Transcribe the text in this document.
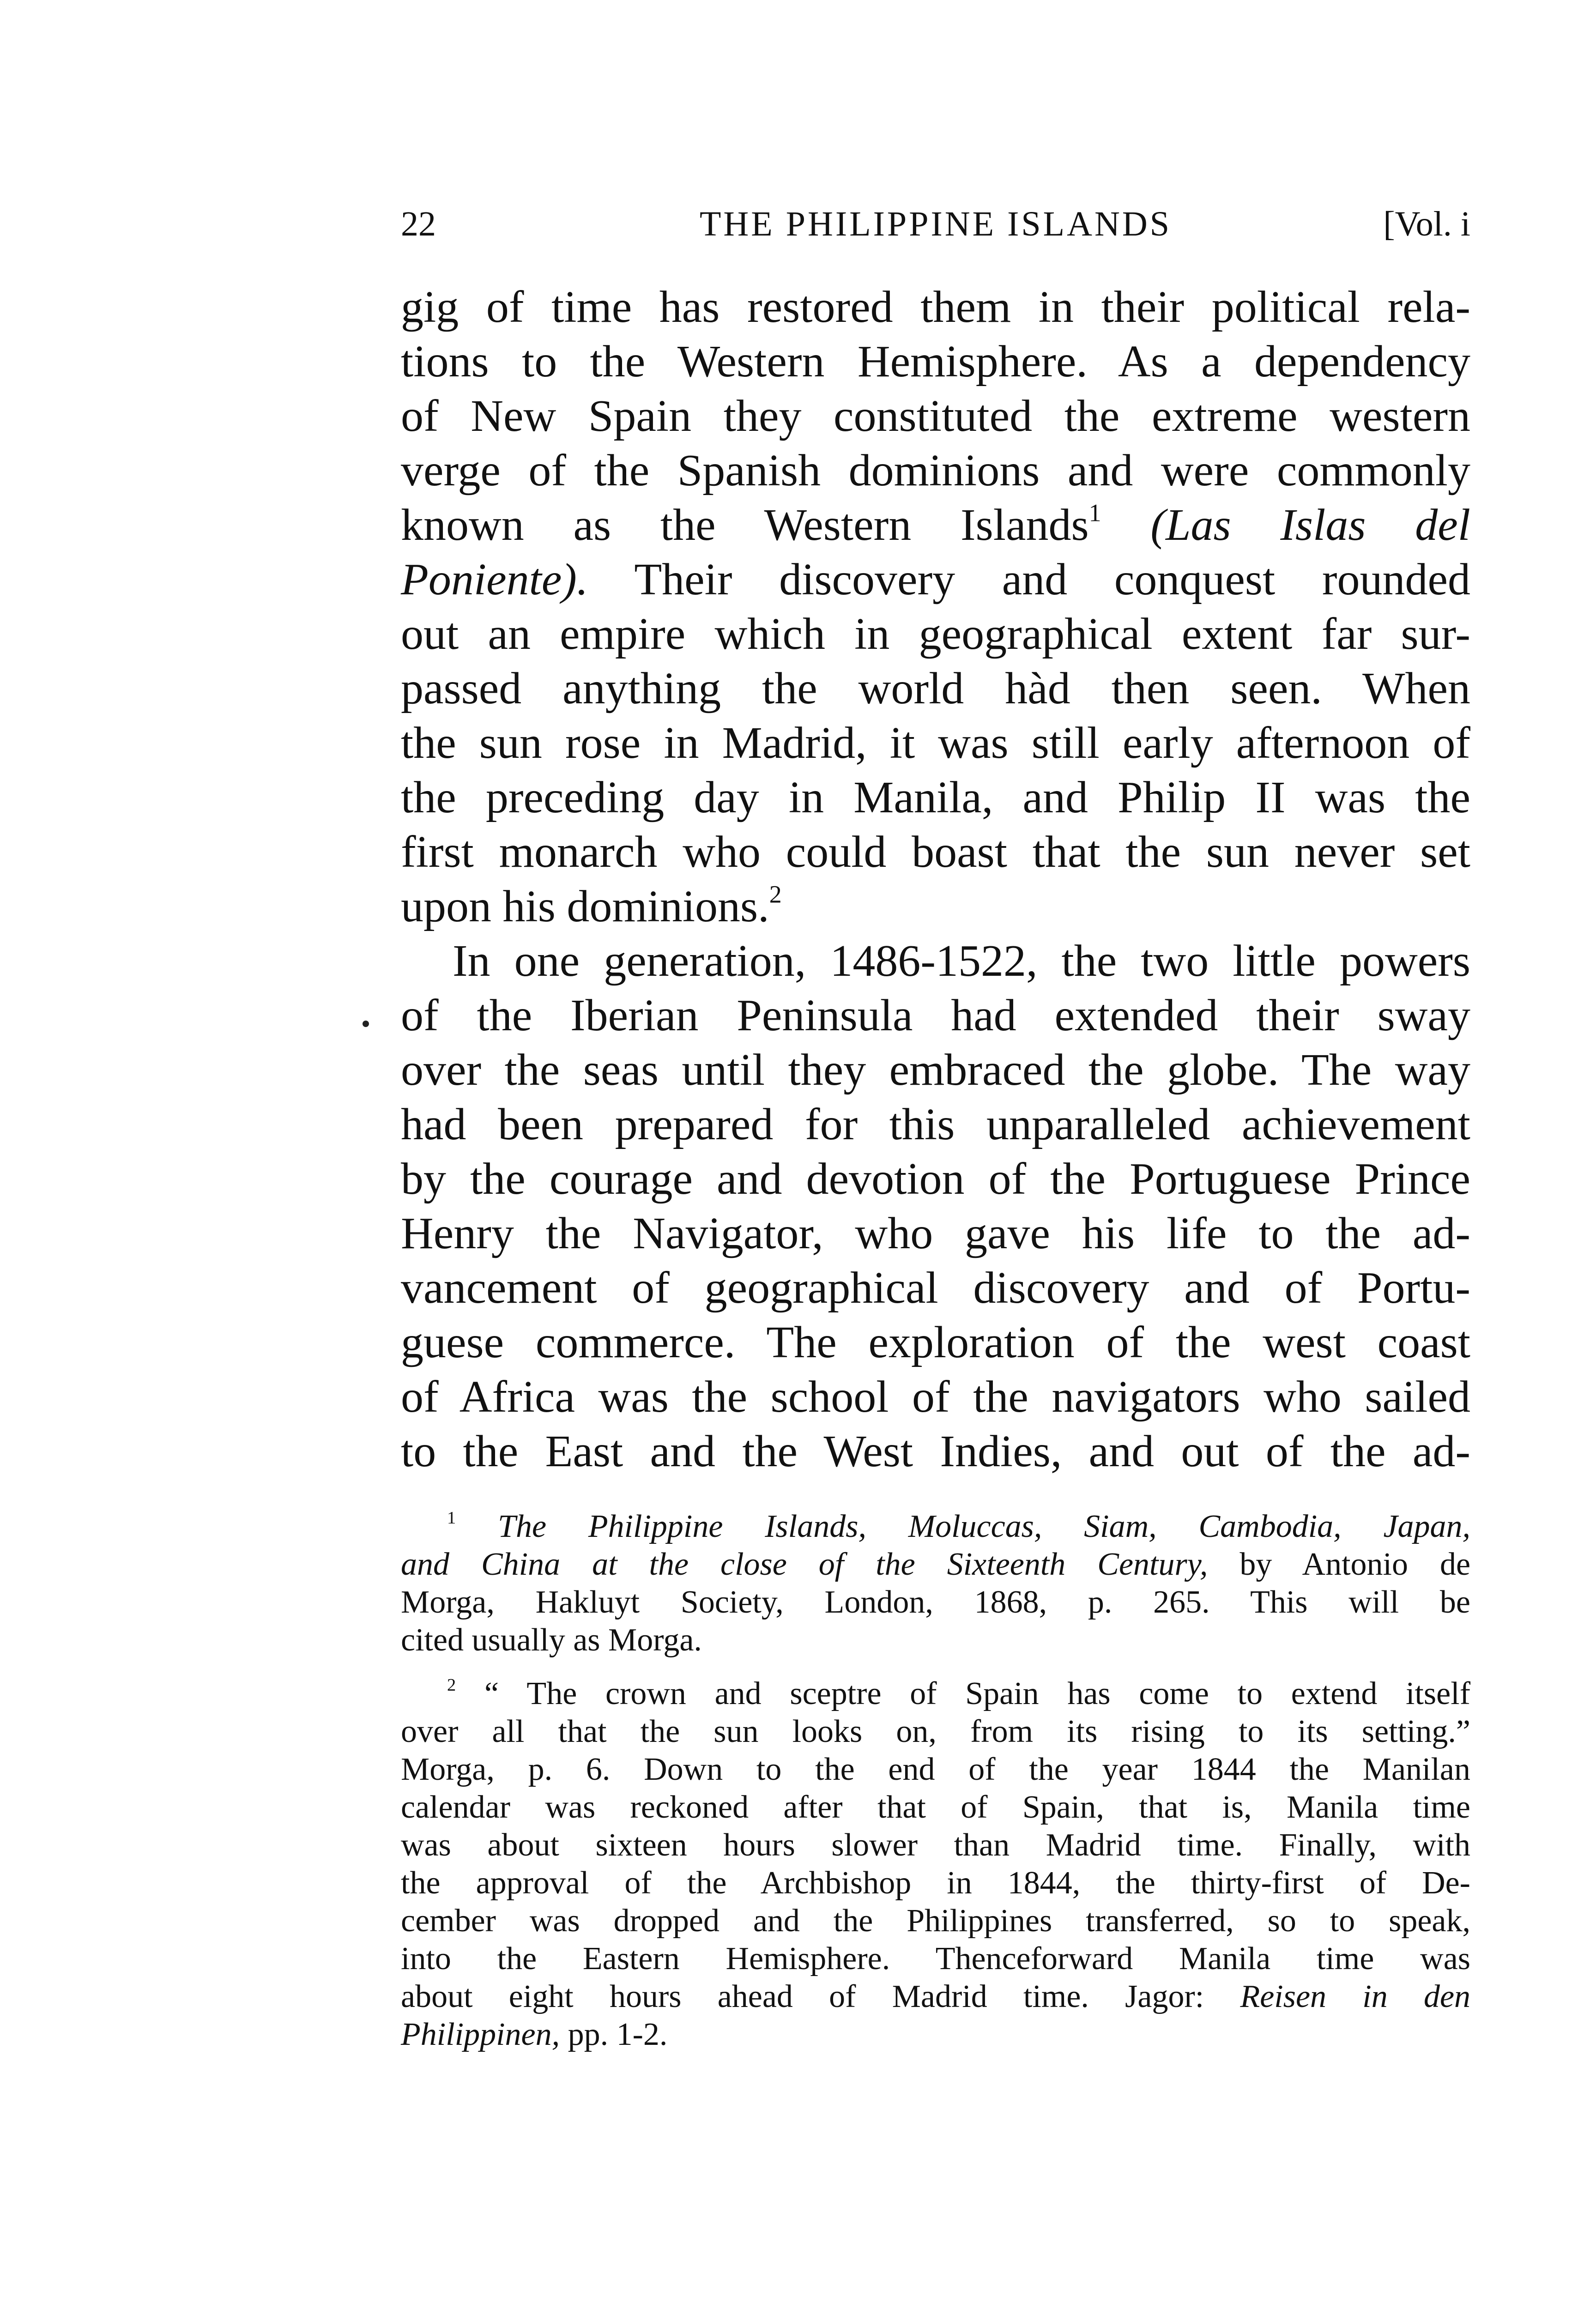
22	THE PHILIPPINE ISLANDS	[Vol. i
gig of time has restored them in their political rela-
tions to the Western Hemisphere. As a dependency
of New Spain they constituted the extreme western
verge of the Spanish dominions and were commonly
known as the Western Islands$^1$ (Las Islas del
Poniente). Their discovery and conquest rounded
out an empire which in geographical extent far sur-
passed anything the world hàd then seen. When
the sun rose in Madrid, it was still early afternoon of
the preceding day in Manila, and Philip II was the
first monarch who could boast that the sun never set
upon his dominions.$^2$
In one generation, 1486-1522, the two little powers
of the Iberian Peninsula had extended their sway
over the seas until they embraced the globe. The way
had been prepared for this unparalleled achievement
by the courage and devotion of the Portuguese Prince
Henry the Navigator, who gave his life to the ad-
vancement of geographical discovery and of Portu-
guese commerce. The exploration of the west coast
of Africa was the school of the navigators who sailed
to the East and the West Indies, and out of the ad-
$^1$ The Philippine Islands, Moluccas, Siam, Cambodia, Japan,
and China at the close of the Sixteenth Century, by Antonio de
Morga, Hakluyt Society, London, 1868, p. 265. This will be
cited usually as Morga.
$^2$ “ The crown and sceptre of Spain has come to extend itself
over all that the sun looks on, from its rising to its setting.”
Morga, p. 6. Down to the end of the year 1844 the Manilan
calendar was reckoned after that of Spain, that is, Manila time
was about sixteen hours slower than Madrid time. Finally, with
the approval of the Archbishop in 1844, the thirty-first of De-
cember was dropped and the Philippines transferred, so to speak,
into the Eastern Hemisphere. Thenceforward Manila time was
about eight hours ahead of Madrid time. Jagor: Reisen in den
Philippinen, pp. 1-2.
